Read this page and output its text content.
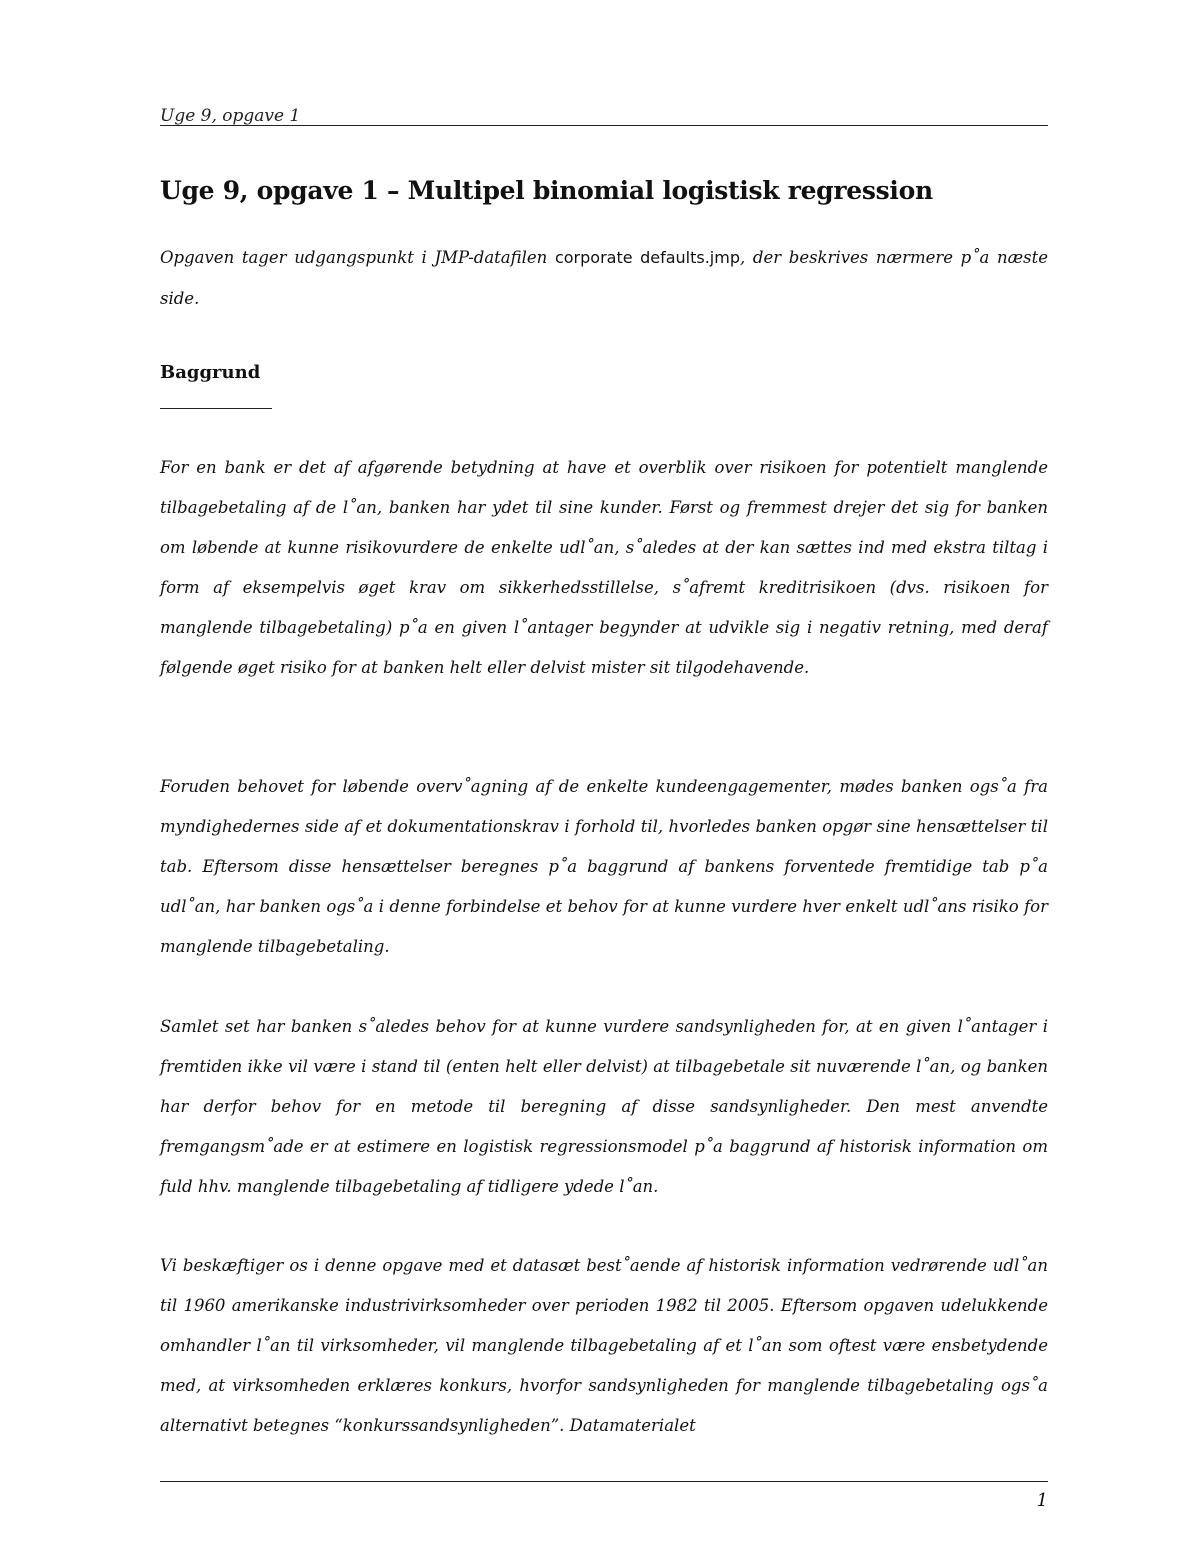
Uge 9, opgave 1
Uge 9, opgave 1 – Multipel binomial logistisk regression

Opgaven tager udgangspunkt i JMP-datafilen corporate defaults.jmp, der beskrives nærmere p˚a næste side.

Baggrund

For en bank er det af afgørende betydning at have et overblik over risikoen for potentielt manglende tilbagebetaling af de l˚an, banken har ydet til sine kunder. Først og fremmest drejer det sig for banken om løbende at kunne risikovurdere de enkelte udl˚an, s˚aledes at der kan sættes ind med ekstra tiltag i form af eksempelvis øget krav om sikkerhedsstillelse, s˚afremt kreditrisikoen (dvs. risikoen for manglende tilbagebetaling) p˚a en given l˚antager begynder at udvikle sig i negativ retning, med deraf følgende øget risiko for at banken helt eller delvist mister sit tilgodehavende.

Foruden behovet for løbende overv˚agning af de enkelte kundeengagementer, mødes banken ogs˚a fra myndighedernes side af et dokumentationskrav i forhold til, hvorledes banken opgør sine hensættelser til tab. Eftersom disse hensættelser beregnes p˚a baggrund af bankens forventede fremtidige tab p˚a udl˚an, har banken ogs˚a i denne forbindelse et behov for at kunne vurdere hver enkelt udl˚ans risiko for manglende tilbagebetaling.

Samlet set har banken s˚aledes behov for at kunne vurdere sandsynligheden for, at en given l˚antager i fremtiden ikke vil være i stand til (enten helt eller delvist) at tilbagebetale sit nuværende l˚an, og banken har derfor behov for en metode til beregning af disse sandsynligheder. Den mest anvendte fremgangsm˚ade er at estimere en logistisk regressionsmodel p˚a baggrund af historisk information om fuld hhv. manglende tilbagebetaling af tidligere ydede l˚an.

Vi beskæftiger os i denne opgave med et datasæt best˚aende af historisk information vedrørende udl˚an til 1960 amerikanske industrivirksomheder over perioden 1982 til 2005. Eftersom opgaven udelukkende omhandler l˚an til virksomheder, vil manglende tilbagebetaling af et l˚an som oftest være ensbetydende med, at virksomheden erklæres konkurs, hvorfor sandsynligheden for manglende tilbagebetaling ogs˚a alternativt betegnes “konkurssandsynligheden”. Datamaterialet

1
